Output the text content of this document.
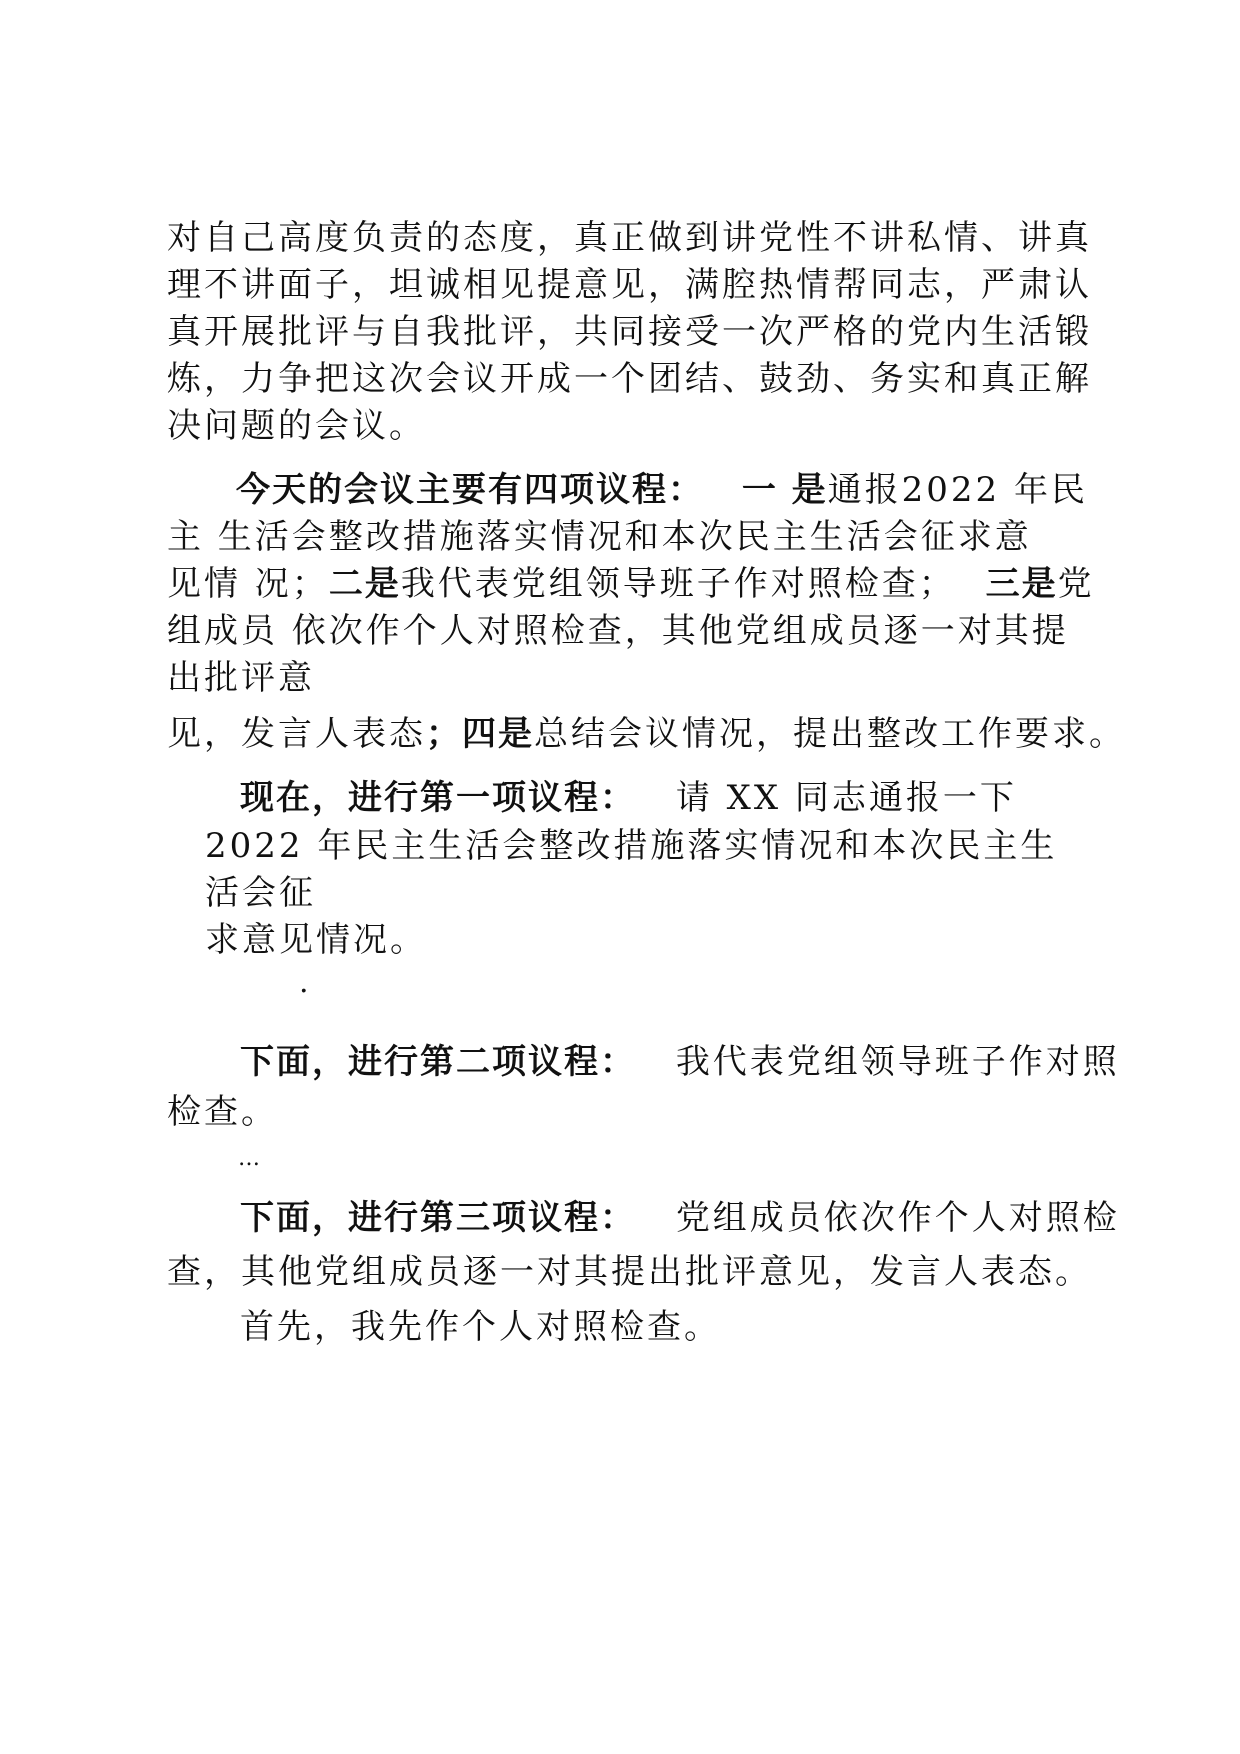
对自己高度负责的态度，真正做到讲党性不讲私情、讲真
理不讲面子，坦诚相见提意见，满腔热情帮同志，严肃认
真开展批评与自我批评，共同接受一次严格的党内生活锻
炼，力争把这次会议开成一个团结、鼓劲、务实和真正解
决问题的会议。
今天的会议主要有四项议程： 一 是通报2022 年民
主 生活会整改措施落实情况和本次民主生活会征求意
见情 况；二是我代表党组领导班子作对照检查； 三是党
组成员 依次作个人对照检查，其他党组成员逐一对其提
出批评意
见，发言人表态；四是总结会议情况，提出整改工作要求。
现在，进行第一项议程： 请 XX 同志通报一下
2022 年民主生活会整改措施落实情况和本次民主生
活会征
求意见情况。
.
下面，进行第二项议程： 我代表党组领导班子作对照
检查。
…
下面，进行第三项议程： 党组成员依次作个人对照检
查，其他党组成员逐一对其提出批评意见，发言人表态。
首先，我先作个人对照检查。
